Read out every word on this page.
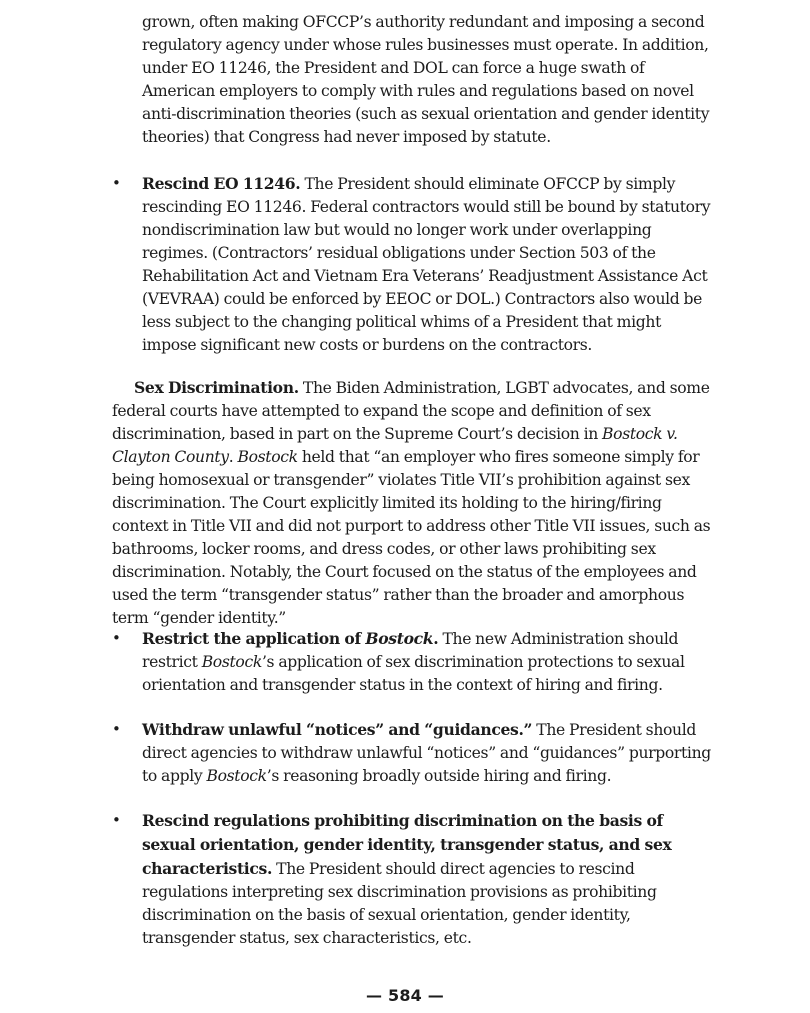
grown, often making OFCCP’s authority redundant and imposing a second regulatory agency under whose rules businesses must operate. In addition, under EO 11246, the President and DOL can force a huge swath of American employers to comply with rules and regulations based on novel anti-discrimination theories (such as sexual orientation and gender identity theories) that Congress had never imposed by statute.

• Rescind EO 11246. The President should eliminate OFCCP by simply rescinding EO 11246. Federal contractors would still be bound by statutory nondiscrimination law but would no longer work under overlapping regimes. (Contractors’ residual obligations under Section 503 of the Rehabilitation Act and Vietnam Era Veterans’ Readjustment Assistance Act (VEVRAA) could be enforced by EEOC or DOL.) Contractors also would be less subject to the changing political whims of a President that might impose significant new costs or burdens on the contractors.

Sex Discrimination. The Biden Administration, LGBT advocates, and some federal courts have attempted to expand the scope and definition of sex discrimination, based in part on the Supreme Court’s decision in Bostock v. Clayton County. Bostock held that “an employer who fires someone simply for being homosexual or transgender” violates Title VII’s prohibition against sex discrimination. The Court explicitly limited its holding to the hiring/firing context in Title VII and did not purport to address other Title VII issues, such as bathrooms, locker rooms, and dress codes, or other laws prohibiting sex discrimination. Notably, the Court focused on the status of the employees and used the term “transgender status” rather than the broader and amorphous term “gender identity.”

• Restrict the application of Bostock. The new Administration should restrict Bostock’s application of sex discrimination protections to sexual orientation and transgender status in the context of hiring and firing.
• Withdraw unlawful “notices” and “guidances.” The President should direct agencies to withdraw unlawful “notices” and “guidances” purporting to apply Bostock’s reasoning broadly outside hiring and firing.
• Rescind regulations prohibiting discrimination on the basis of sexual orientation, gender identity, transgender status, and sex characteristics. The President should direct agencies to rescind regulations interpreting sex discrimination provisions as prohibiting discrimination on the basis of sexual orientation, gender identity, transgender status, sex characteristics, etc.
— 584 —
